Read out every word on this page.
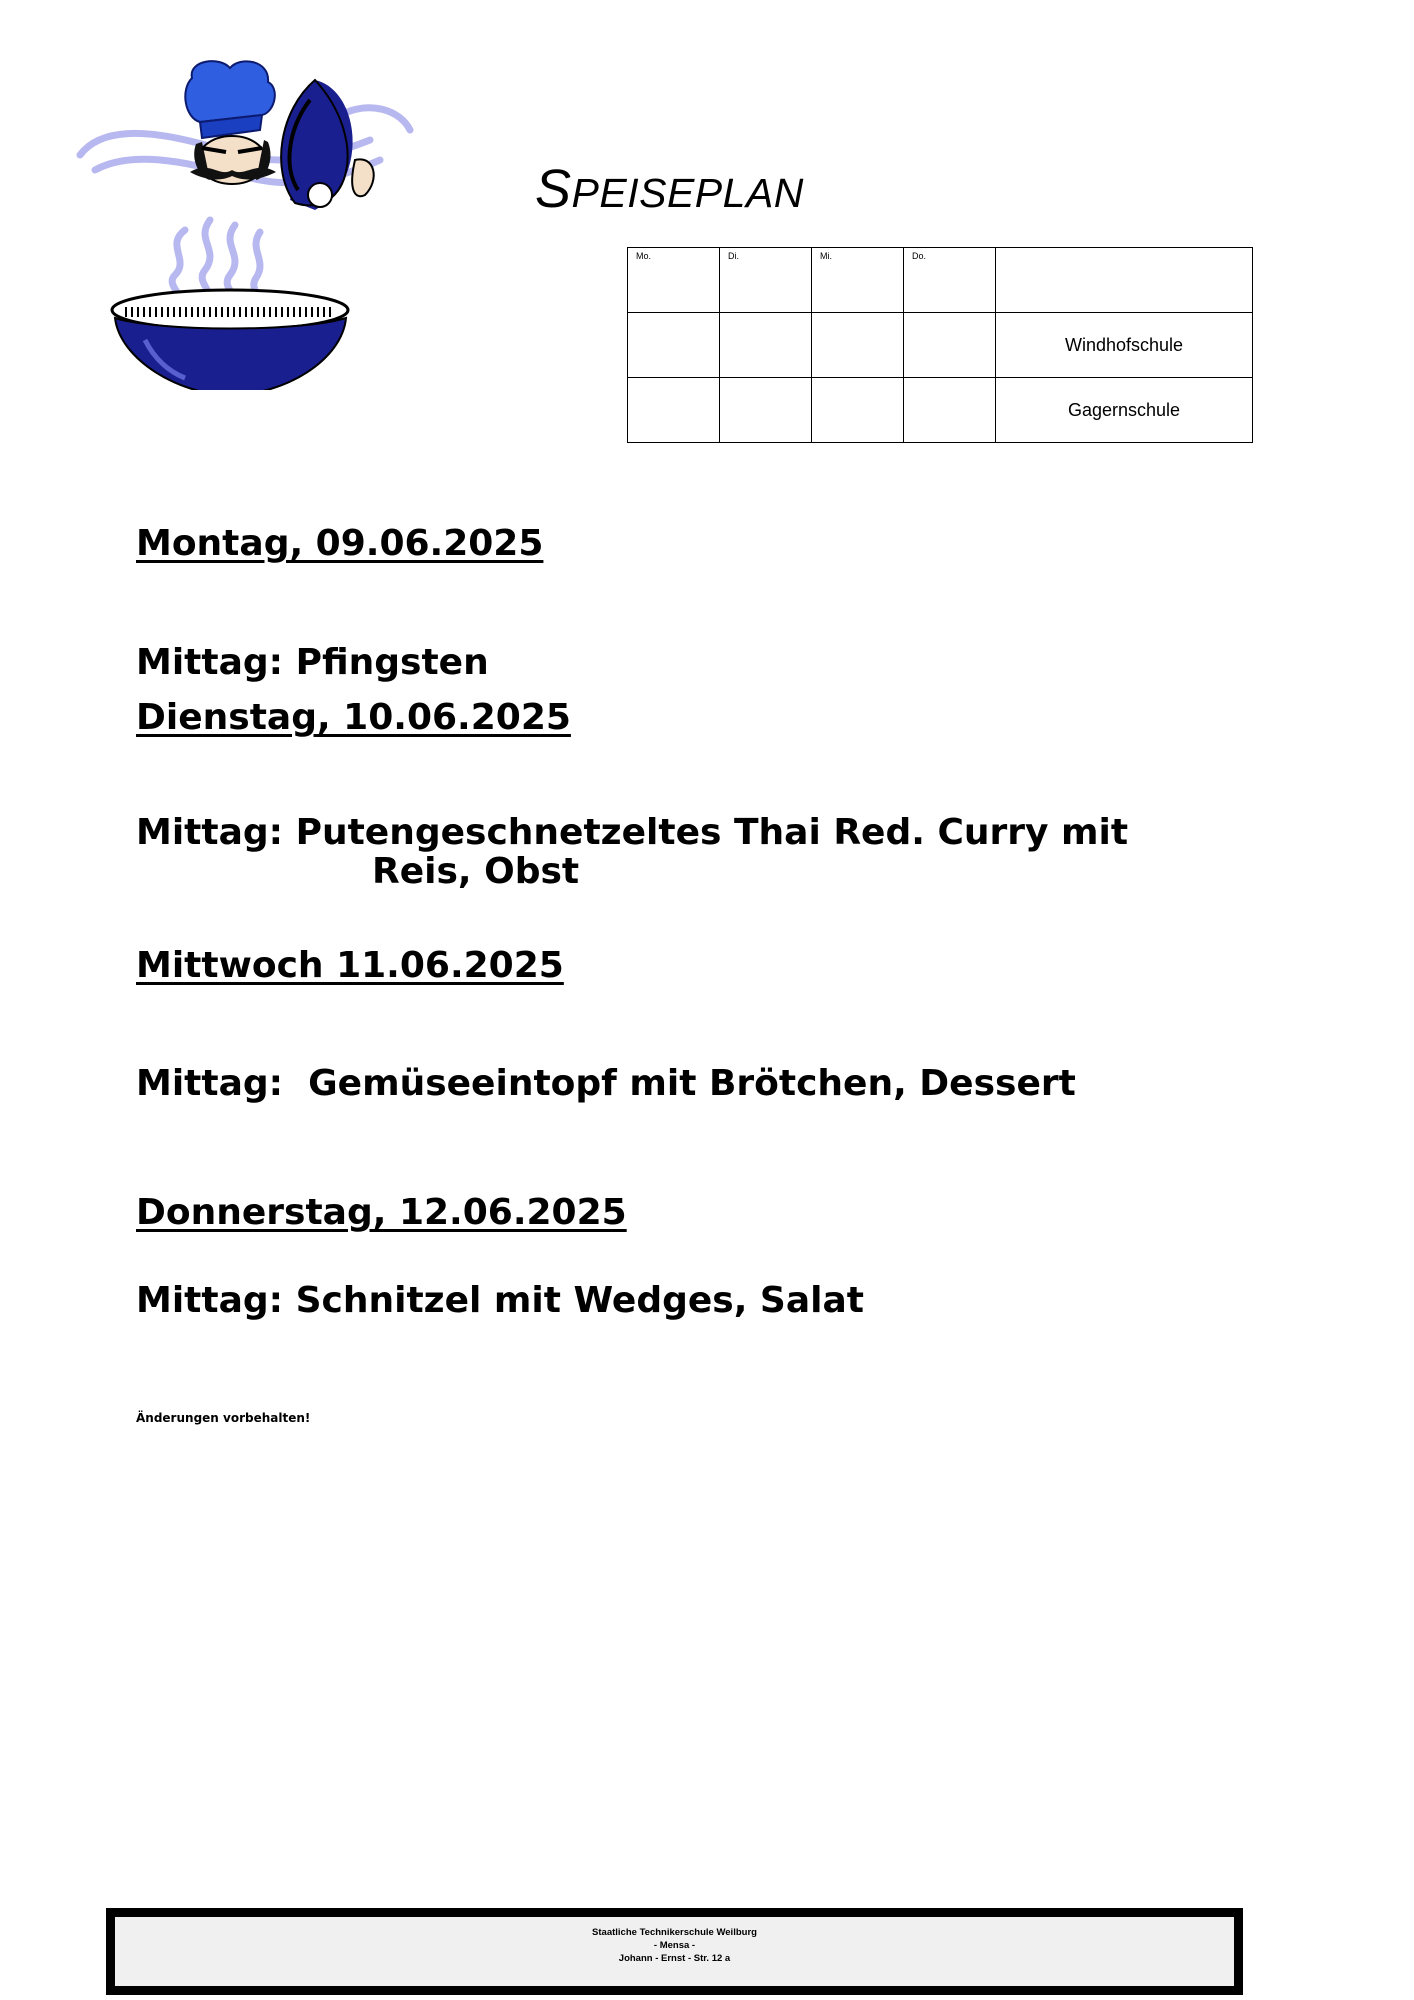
SPEISEPLAN
Mo.	Di.	Mi.	Do.	

				Windhofschule
				Gagernschule
Montag, 09.06.2025
Mittag: Pfingsten
Dienstag, 10.06.2025
Mittag: Putengeschnetzeltes Thai Red. Curry mit
Reis, Obst
Mittwoch 11.06.2025
Mittag:  Gemüseeintopf mit Brötchen, Dessert
Donnerstag, 12.06.2025
Mittag: Schnitzel mit Wedges, Salat
Änderungen vorbehalten!
Staatliche Technikerschule Weilburg
- Mensa -
Johann - Ernst - Str. 12 a
